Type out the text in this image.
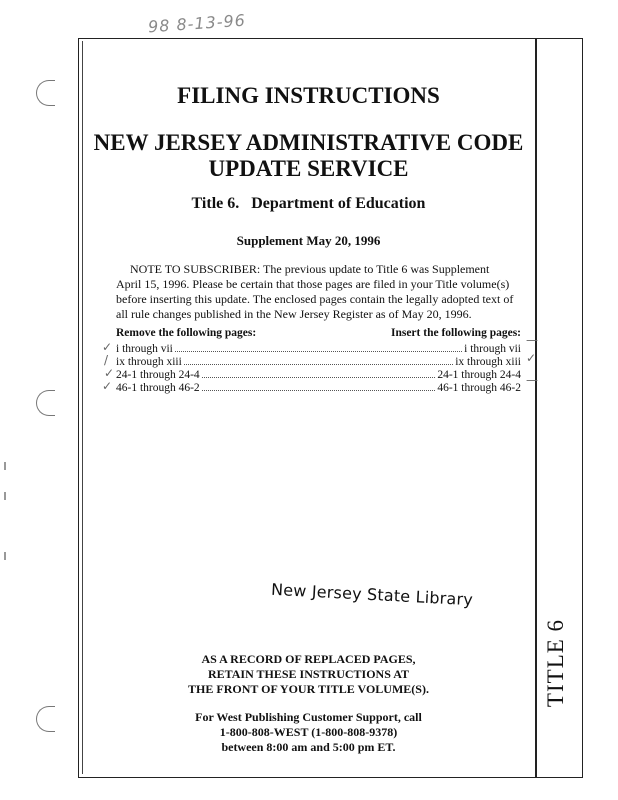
98 8-13-96
TITLE 6
FILING INSTRUCTIONS
NEW JERSEY ADMINISTRATIVE CODE
UPDATE SERVICE
Title 6.   Department of Education
Supplement May 20, 1996
NOTE TO SUBSCRIBER: The previous update to Title 6 was Supplement April 15, 1996. Please be certain that those pages are filed in your Title volume(s) before inserting this update. The enclosed pages contain the legally adopted text of all rule changes published in the New Jersey Register as of May 20, 1996.
Remove the following pages:	Insert the following pages:
i through vii	i through vii
ix through xiii	ix through xiii
24-1 through 24-4	24-1 through 24-4
46-1 through 46-2	46-1 through 46-2
✓
/
✓
✓
—
✓
—
New Jersey State Library
AS A RECORD OF REPLACED PAGES,
RETAIN THESE INSTRUCTIONS AT
THE FRONT OF YOUR TITLE VOLUME(S).
For West Publishing Customer Support, call
1-800-808-WEST (1-800-808-9378)
between 8:00 am and 5:00 pm ET.
